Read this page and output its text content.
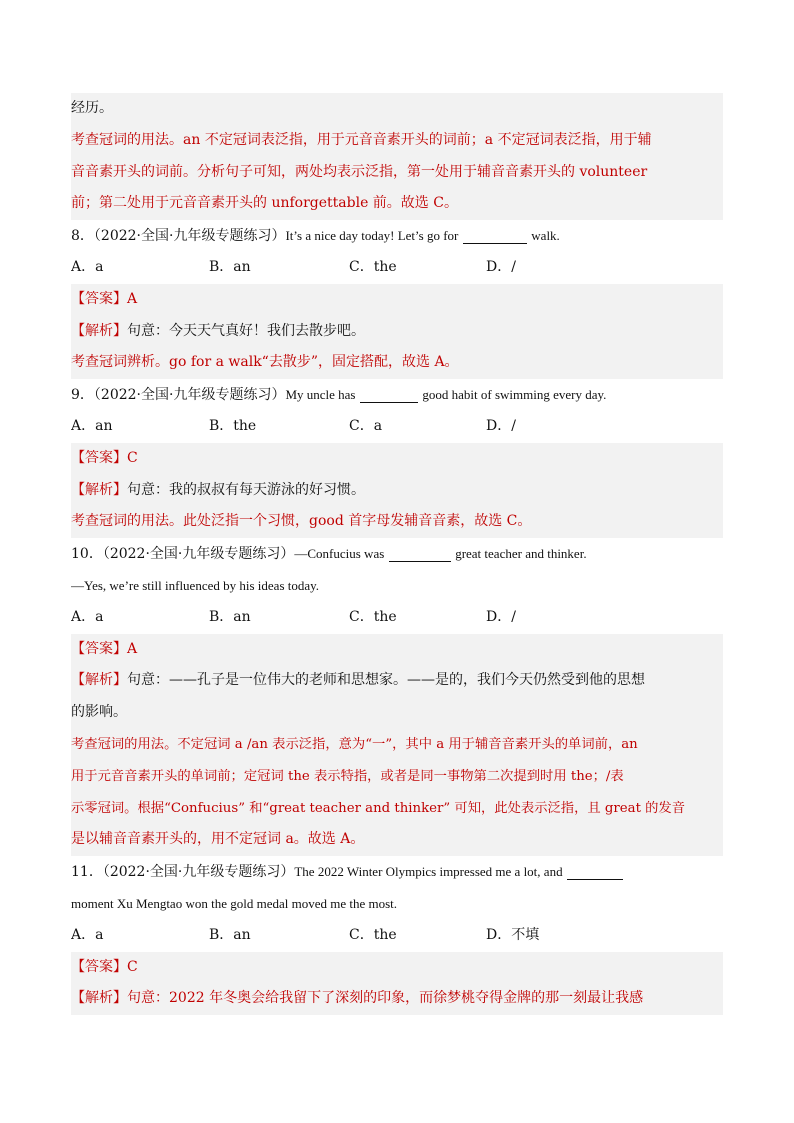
经历。
考查冠词的用法。an 不定冠词表泛指，用于元音音素开头的词前；a 不定冠词表泛指，用于辅
音音素开头的词前。分析句子可知，两处均表示泛指，第一处用于辅音音素开头的 volunteer
前；第二处用于元音音素开头的 unforgettable 前。故选 C。
8．（2022·全国·九年级专题练习）It’s a nice day today! Let’s go for	walk.
A．a	B．an	C．the	D．/
【答案】A
【解析】句意：今天天气真好！我们去散步吧。
考查冠词辨析。go for a walk“去散步”，固定搭配，故选 A。
9．（2022·全国·九年级专题练习）My uncle has	good habit of swimming every day.
A．an	B．the	C．a	D．/
【答案】C
【解析】句意：我的叔叔有每天游泳的好习惯。
考查冠词的用法。此处泛指一个习惯，good 首字母发辅音音素，故选 C。
10．（2022·全国·九年级专题练习）—Confucius was	great teacher and thinker.
—Yes, we’re still influenced by his ideas today.
A．a	B．an	C．the	D．/
【答案】A
【解析】句意：——孔子是一位伟大的老师和思想家。——是的，我们今天仍然受到他的思想
的影响。
考查冠词的用法。不定冠词 a /an 表示泛指，意为“一”，其中 a 用于辅音音素开头的单词前，an
用于元音音素开头的单词前；定冠词 the 表示特指，或者是同一事物第二次提到时用 the；/表
示零冠词。根据“Confucius” 和“great teacher and thinker” 可知，此处表示泛指，且 great 的发音
是以辅音音素开头的，用不定冠词 a。故选 A。
11．（2022·全国·九年级专题练习）The 2022 Winter Olympics impressed me a lot, and
moment Xu Mengtao won the gold medal moved me the most.
A．a	B．an	C．the	D．不填
【答案】C
【解析】句意：2022 年冬奥会给我留下了深刻的印象，而徐梦桃夺得金牌的那一刻最让我感
